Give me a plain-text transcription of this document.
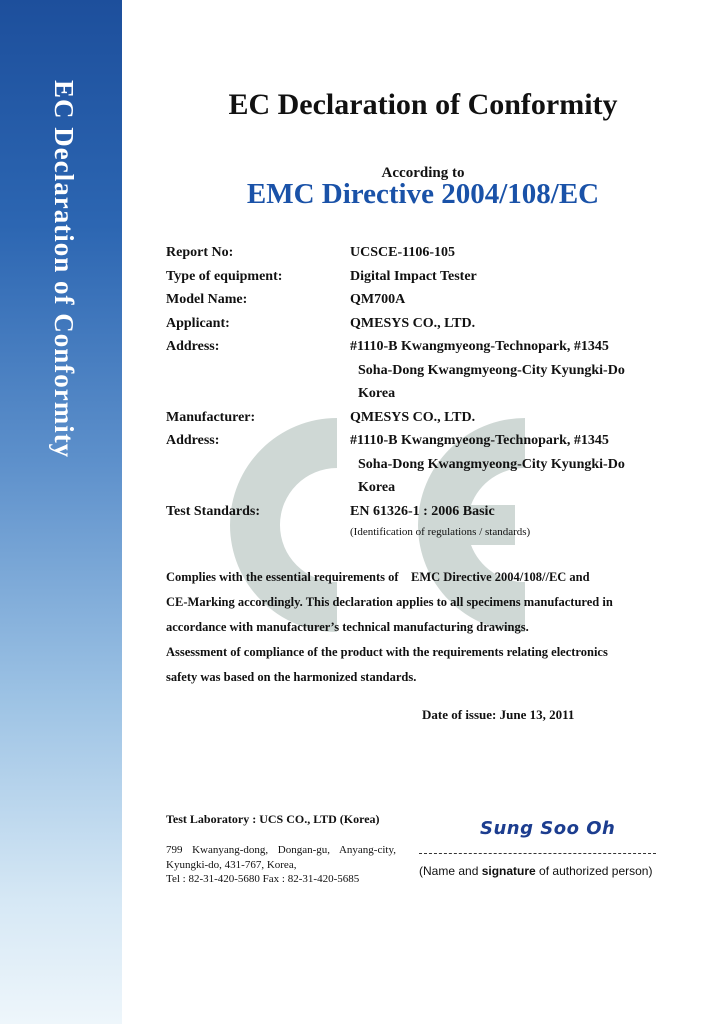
EC Declaration of Conformity	EC Declaration of Conformity
According to
EMC Directive 2004/108/EC
Report No:	UCSCE-1106-105
Type of equipment:	Digital Impact Tester
Model Name:	QM700A
Applicant:	QMESYS CO., LTD.
Address:	#1110-B Kwangmyeong-Technopark, #1345
Soha-Dong Kwangmyeong-City Kyungki-Do
Korea
Manufacturer:	QMESYS CO., LTD.
Address:	#1110-B Kwangmyeong-Technopark, #1345
Soha-Dong Kwangmyeong-City Kyungki-Do
Korea
Test Standards:	EN 61326-1 : 2006 Basic
(Identification of regulations / standards)
Complies with the essential requirements of    EMC Directive 2004/108//EC and
CE-Marking accordingly. This declaration applies to all specimens manufactured in
accordance with manufacturer’s technical manufacturing drawings.
Assessment of compliance of the product with the requirements relating electronics
safety was based on the harmonized standards.
Date of issue: June 13, 2011
Test Laboratory : UCS CO., LTD (Korea)
799 Kwanyang-dong, Dongan-gu, Anyang-city, Kyungki-do, 431-767, Korea,
Tel : 82-31-420-5680 Fax : 82-31-420-5685
Sung Soo Oh
(Name and signature of authorized person)
